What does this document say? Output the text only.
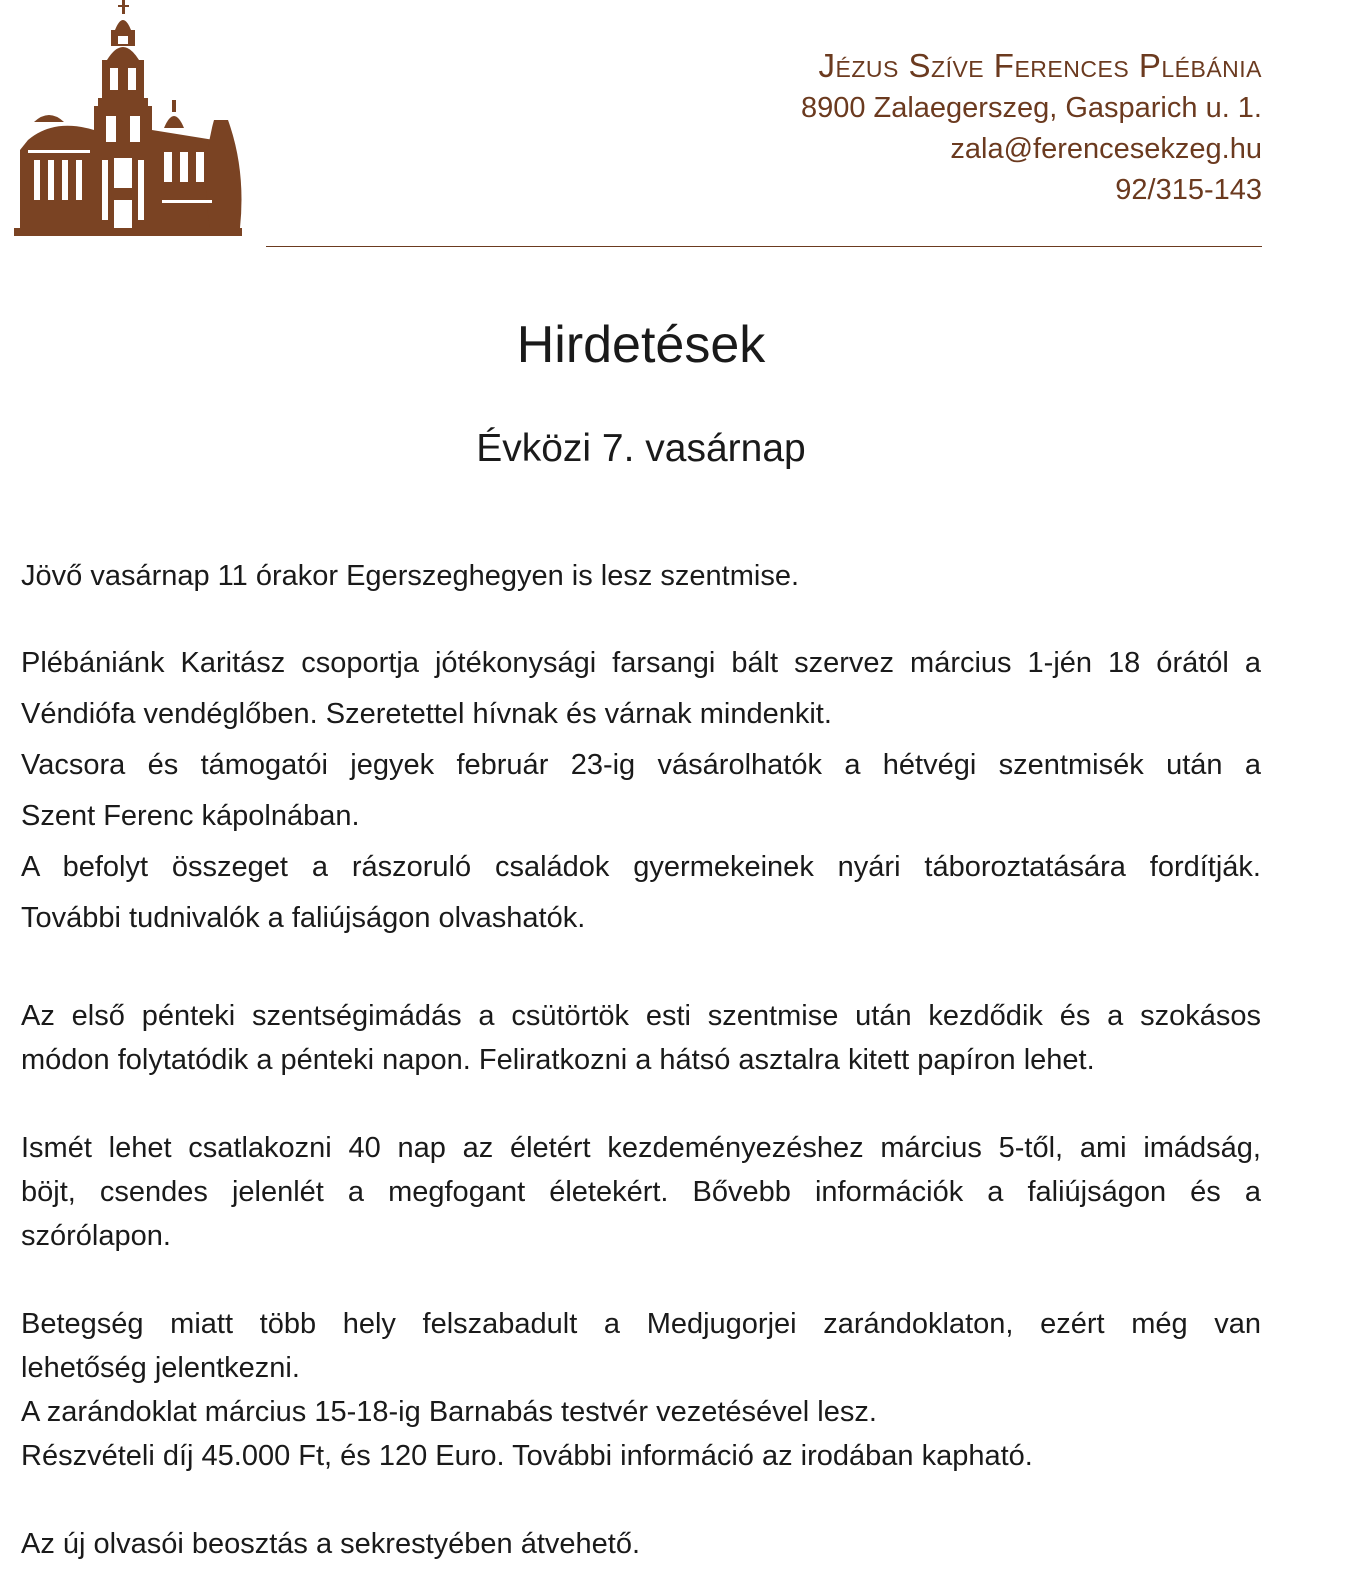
Jézus Szíve Ferences Plébánia
8900 Zalaegerszeg, Gasparich u. 1.
zala@ferencesekzeg.hu
92/315-143
Hirdetések
Évközi 7. vasárnap

Jövő vasárnap 11 órakor Egerszeghegyen is lesz szentmise.

Plébániánk Karitász csoportja jótékonysági farsangi bált szervez március 1-jén 18 órától a
Véndiófa vendéglőben. Szeretettel hívnak és várnak mindenkit.
Vacsora és támogatói jegyek február 23-ig vásárolhatók a hétvégi szentmisék után a
Szent Ferenc kápolnában.
A befolyt összeget a rászoruló családok gyermekeinek nyári táboroztatására fordítják.
További tudnivalók a faliújságon olvashatók.

Az első pénteki szentségimádás a csütörtök esti szentmise után kezdődik és a szokásos
módon folytatódik a pénteki napon. Feliratkozni a hátsó asztalra kitett papíron lehet.

Ismét lehet csatlakozni 40 nap az életért kezdeményezéshez március 5-től, ami imádság,
böjt, csendes jelenlét a megfogant életekért. Bővebb információk a faliújságon és a
szórólapon.

Betegség miatt több hely felszabadult a Medjugorjei zarándoklaton, ezért még van
lehetőség jelentkezni.
A zarándoklat március 15-18-ig Barnabás testvér vezetésével lesz.
Részvételi díj 45.000 Ft, és 120 Euro. További információ az irodában kapható.

Az új olvasói beosztás a sekrestyében átvehető.
